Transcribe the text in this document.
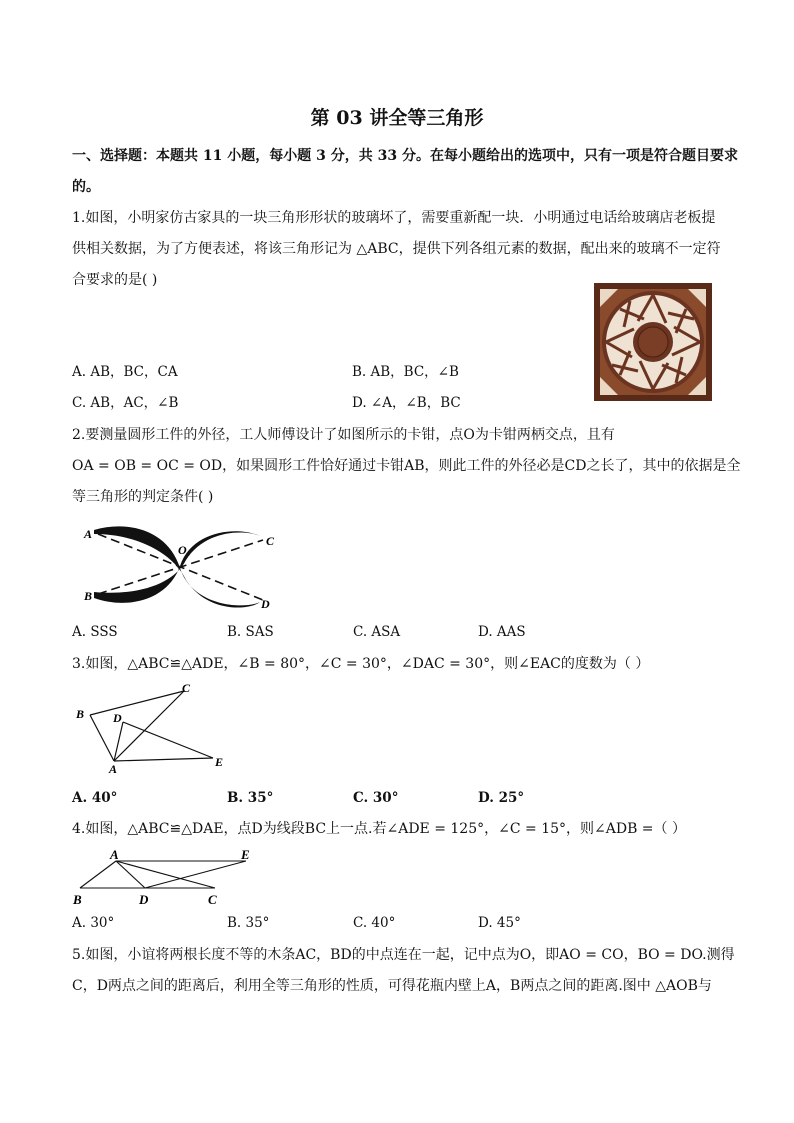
第 03 讲全等三角形
一、选择题：本题共 11 小题，每小题 3 分，共 33 分。在每小题给出的选项中，只有一项是符合题目要求
的。
1.如图，小明家仿古家具的一块三角形形状的玻璃坏了，需要重新配一块．小明通过电话给玻璃店老板提
供相关数据，为了方便表述，将该三角形记为 △ABC，提供下列各组元素的数据，配出来的玻璃不一定符
合要求的是( )
A. AB，BC，CA	B. AB，BC，∠B
C. AB，AC，∠B	D. ∠A，∠B，BC
2.要测量圆形工件的外径，工人师傅设计了如图所示的卡钳，点O为卡钳两柄交点，且有
OA = OB = OC = OD，如果圆形工件恰好通过卡钳AB，则此工件的外径必是CD之长了，其中的依据是全
等三角形的判定条件( )
A
B
C
D
O
A. SSS	B. SAS	C. ASA	D. AAS
3.如图，△ABC≌△ADE，∠B = 80°，∠C = 30°，∠DAC = 30°，则∠EAC的度数为（ ）
C
B D
A	E
A. 40°	B. 35°	C. 30°	D. 25°
4.如图，△ABC≌△DAE，点D为线段BC上一点.若∠ADE = 125°，∠C = 15°，则∠ADB =（ ）
A	E
B	D	C
A. 30°	B. 35°	C. 40°	D. 45°
5.如图，小谊将两根长度不等的木条AC，BD的中点连在一起，记中点为O，即AO = CO，BO = DO.测得
C，D两点之间的距离后，利用全等三角形的性质，可得花瓶内壁上A，B两点之间的距离.图中 △AOB与
